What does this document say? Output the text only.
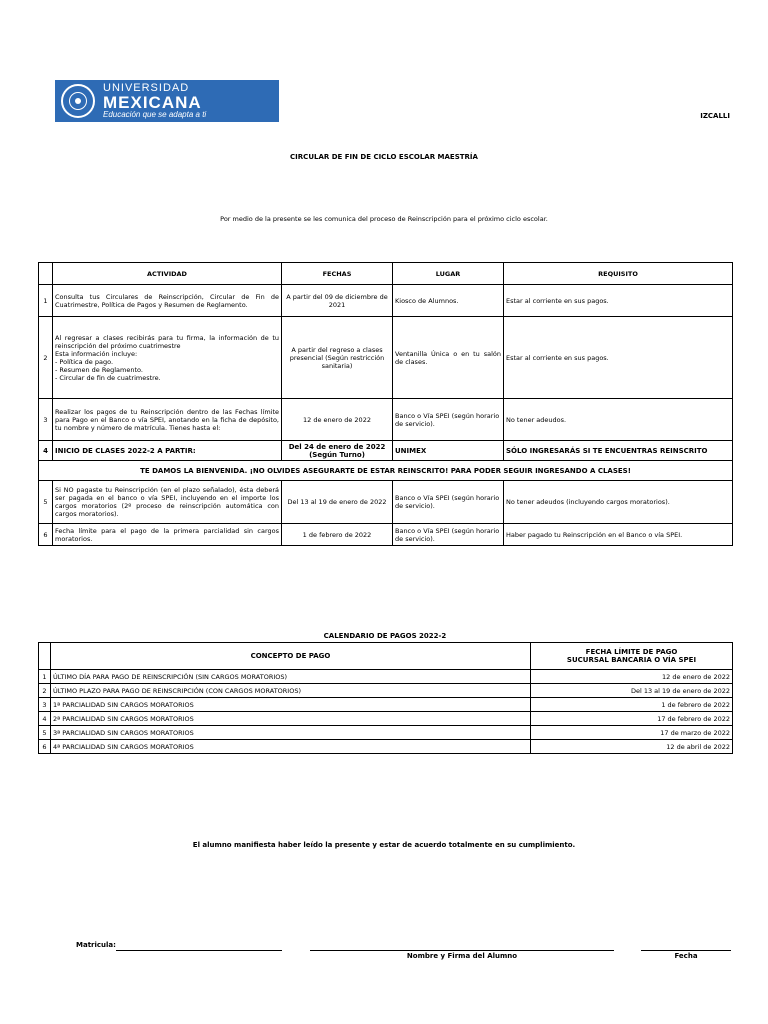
UNIVERSIDAD
MEXICANA
Educación que se adapta a ti	IZCALLI
CIRCULAR DE FIN DE CICLO ESCOLAR MAESTRÍA
Por medio de la presente se les comunica del proceso de Reinscripción para el próximo ciclo escolar.
	ACTIVIDAD	FECHAS	LUGAR	REQUISITO
1	Consulta tus Circulares de Reinscripción, Circular de Fin de Cuatrimestre, Política de Pagos y Resumen de Reglamento.	A partir del 09 de diciembre de 2021	Kiosco de Alumnos.	Estar al corriente en sus pagos.
2	Al regresar a clases recibirás para tu firma, la información de tu reinscripción del próximo cuatrimestre
Esta información incluye:
- Política de pago.
- Resumen de Reglamento.
- Circular de fin de cuatrimestre.	A partir del regreso a clases presencial (Según restricción sanitaria)	Ventanilla Única o en tu salón de clases.	Estar al corriente en sus pagos.
3	Realizar los pagos de tu Reinscripción dentro de las Fechas límite para Pago en el Banco o vía SPEI, anotando en la ficha de depósito, tu nombre y número de matrícula. Tienes hasta el:	12 de enero de 2022	Banco o Vía SPEI (según horario de servicio).	No tener adeudos.
4	INICIO DE CLASES 2022-2 A PARTIR:	Del 24 de enero de 2022 (Según Turno)	UNIMEX	SÓLO INGRESARÁS SI TE ENCUENTRAS REINSCRITO
TE DAMOS LA BIENVENIDA. ¡NO OLVIDES ASEGURARTE DE ESTAR REINSCRITO! PARA PODER SEGUIR INGRESANDO A CLASES!				
5	Si NO pagaste tu Reinscripción (en el plazo señalado), ésta deberá ser pagada en el banco o vía SPEI, incluyendo en el importe los cargos moratorios (2º proceso de reinscripción automática con cargos moratorios).	Del 13 al 19 de enero de 2022	Banco o Vía SPEI (según horario de servicio).	No tener adeudos (incluyendo cargos moratorios).
6	Fecha límite para el pago de la primera parcialidad sin cargos moratorios.	1 de febrero de 2022	Banco o Vía SPEI (según horario de servicio).	Haber pagado tu Reinscripción en el Banco o vía SPEI.
CALENDARIO DE PAGOS 2022-2
	CONCEPTO DE PAGO	FECHA LÍMITE DE PAGO
SUCURSAL BANCARIA O VÍA SPEI

1	ÚLTIMO DÍA PARA PAGO DE REINSCRIPCIÓN (SIN CARGOS MORATORIOS)	12 de enero de 2022
2	ÚLTIMO PLAZO PARA PAGO DE REINSCRIPCIÓN (CON CARGOS MORATORIOS)	Del 13 al 19 de enero de 2022
3	1ª PARCIALIDAD SIN CARGOS MORATORIOS	1 de febrero de 2022
4	2ª PARCIALIDAD SIN CARGOS MORATORIOS	17 de febrero de 2022
5	3ª PARCIALIDAD SIN CARGOS MORATORIOS	17 de marzo de 2022
6	4ª PARCIALIDAD SIN CARGOS MORATORIOS	12 de abril de 2022
El alumno manifiesta haber leído la presente y estar de acuerdo totalmente en su cumplimiento.
Matricula:
Nombre y Firma del Alumno	Fecha
